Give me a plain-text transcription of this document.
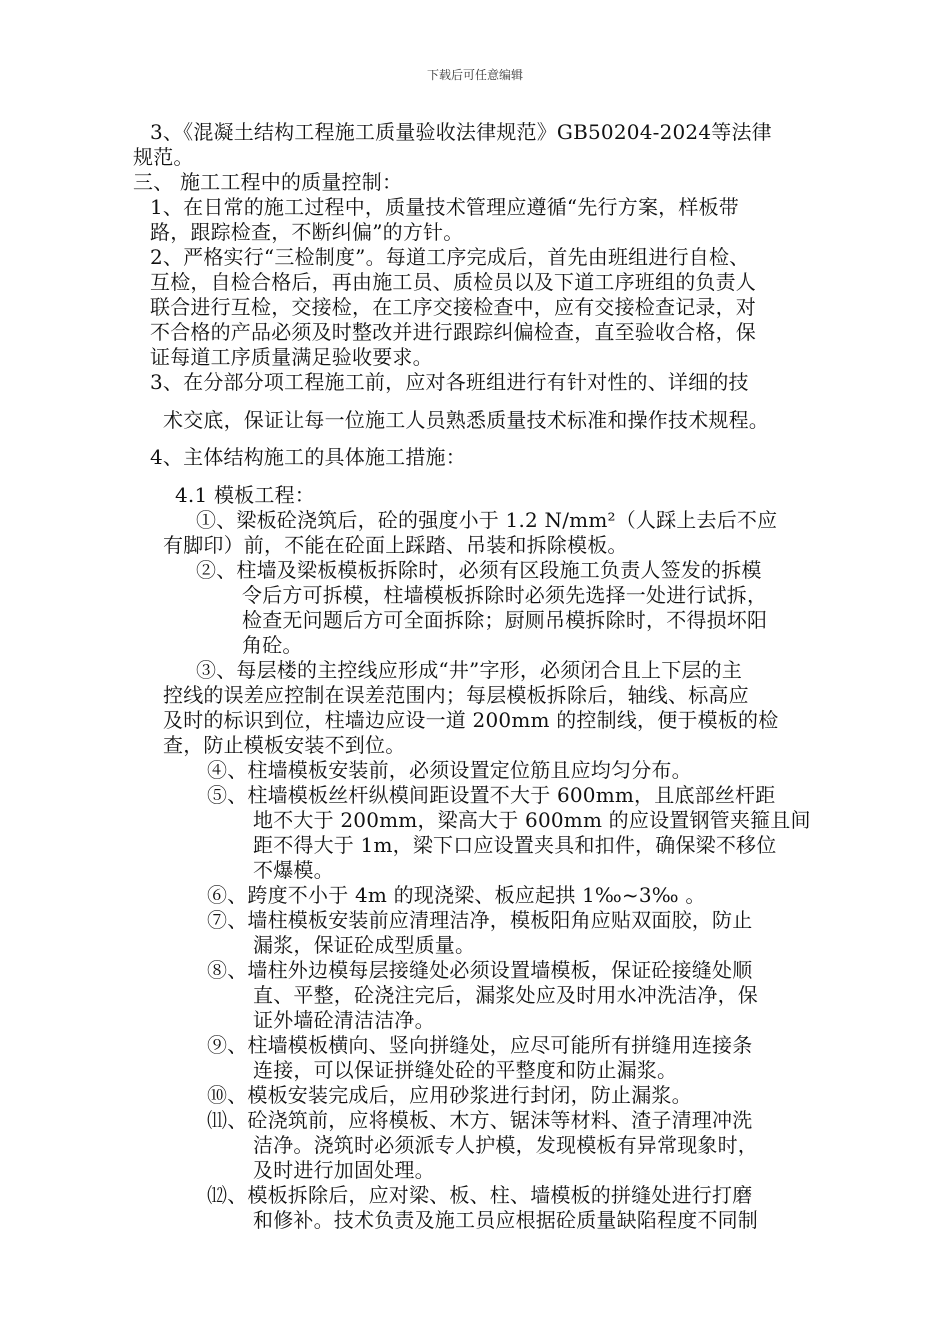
下载后可任意编辑
3、《混凝土结构工程施工质量验收法律规范》GB50204-2024等法律
规范。
三、 施工工程中的质量控制：
1、在日常的施工过程中，质量技术管理应遵循“先行方案，样板带
路，跟踪检查，不断纠偏”的方针。
2、严格实行“三检制度”。每道工序完成后，首先由班组进行自检、
互检，自检合格后，再由施工员、质检员以及下道工序班组的负责人
联合进行互检，交接检，在工序交接检查中，应有交接检查记录，对
不合格的产品必须及时整改并进行跟踪纠偏检查，直至验收合格，保
证每道工序质量满足验收要求。
3、在分部分项工程施工前，应对各班组进行有针对性的、详细的技
术交底，保证让每一位施工人员熟悉质量技术标准和操作技术规程。
4、主体结构施工的具体施工措施：
4.1 模板工程：
①、梁板砼浇筑后，砼的强度小于 1.2 N/mm²（人踩上去后不应
有脚印）前，不能在砼面上踩踏、吊装和拆除模板。
②、柱墙及梁板模板拆除时，必须有区段施工负责人签发的拆模
令后方可拆模，柱墙模板拆除时必须先选择一处进行试拆，
检查无问题后方可全面拆除；厨厕吊模拆除时，不得损坏阳
角砼。
③、每层楼的主控线应形成“井”字形，必须闭合且上下层的主
控线的误差应控制在误差范围内；每层模板拆除后，轴线、标高应
及时的标识到位，柱墙边应设一道 200mm 的控制线，便于模板的检
查，防止模板安装不到位。
④、柱墙模板安装前，必须设置定位筋且应均匀分布。
⑤、柱墙模板丝杆纵模间距设置不大于 600mm，且底部丝杆距
地不大于 200mm，梁高大于 600mm 的应设置钢管夹箍且间
距不得大于 1m，梁下口应设置夹具和扣件，确保梁不移位
不爆模。
⑥、跨度不小于 4m 的现浇梁、板应起拱 1‰~3‰ 。
⑦、墙柱模板安装前应清理洁净，模板阳角应贴双面胶，防止
漏浆，保证砼成型质量。
⑧、墙柱外边模每层接缝处必须设置墙模板，保证砼接缝处顺
直、平整，砼浇注完后，漏浆处应及时用水冲洗洁净，保
证外墙砼清洁洁净。
⑨、柱墙模板横向、竖向拼缝处，应尽可能所有拼缝用连接条
连接，可以保证拼缝处砼的平整度和防止漏浆。
⑩、模板安装完成后，应用砂浆进行封闭，防止漏浆。
⑾、砼浇筑前，应将模板、木方、锯沫等材料、渣子清理冲洗
洁净。浇筑时必须派专人护模，发现模板有异常现象时，
及时进行加固处理。
⑿、模板拆除后，应对梁、板、柱、墙模板的拼缝处进行打磨
和修补。技术负责及施工员应根据砼质量缺陷程度不同制
